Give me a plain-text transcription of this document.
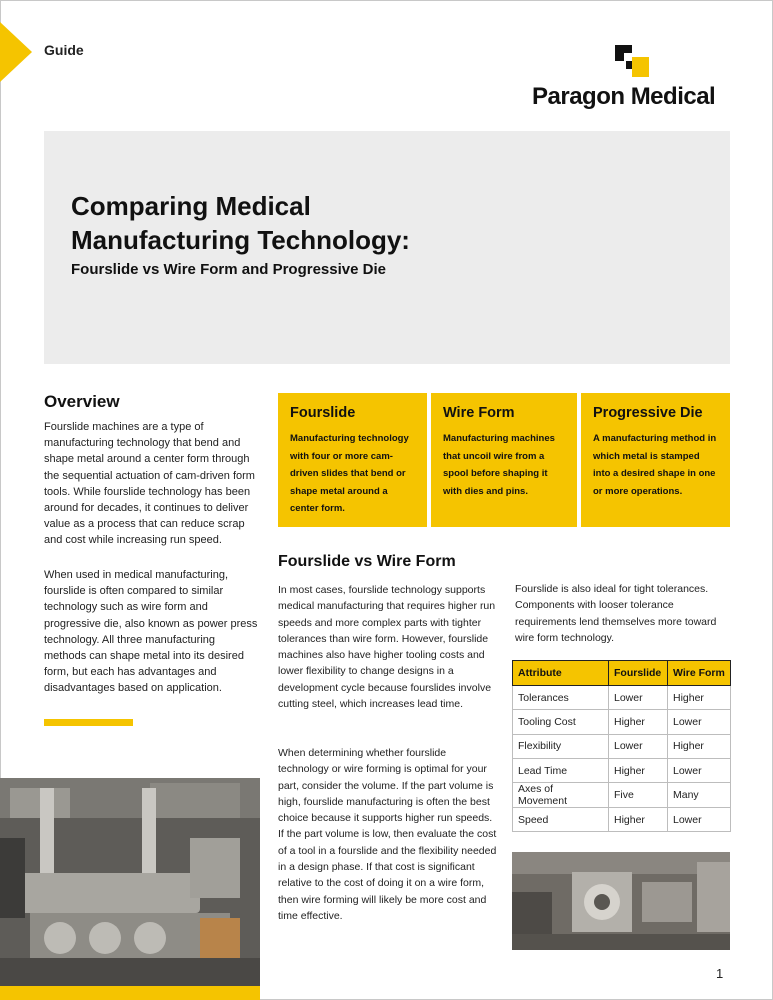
Guide
Paragon Medical
Comparing Medical Manufacturing Technology:
Fourslide vs Wire Form and Progressive Die
Overview

Fourslide machines are a type of manufacturing technology that bend and shape metal around a center form through the sequential actuation of cam-driven form tools. While fourslide technology has been around for decades, it continues to deliver value as a process that can reduce scrap and cost while increasing run speed.

When used in medical manufacturing, fourslide is often compared to similar technology such as wire form and progressive die, also known as power press technology. All three manufacturing methods can shape metal into its desired form, but each has advantages and disadvantages based on application.

Fourslide
Manufacturing technology with four or more cam-driven slides that bend or shape metal around a center form.
Wire Form
Manufacturing machines that uncoil wire from a spool before shaping it with dies and pins.
Progressive Die
A manufacturing method in which metal is stamped into a desired shape in one or more operations.
Fourslide vs Wire Form

In most cases, fourslide technology supports medical manufacturing that requires higher run speeds and more complex parts with tighter tolerances than wire form. However, fourslide machines also have higher tooling costs and lower flexibility to change designs in a development cycle because fourslides involve cutting steel, which increases lead time.

When determining whether fourslide technology or wire forming is optimal for your part, consider the volume. If the part volume is high, fourslide manufacturing is often the best choice because it supports higher run speeds. If the part volume is low, then evaluate the cost of a tool in a fourslide and the flexibility needed in a design phase. If that cost is significant relative to the cost of doing it on a wire form, then wire forming will likely be more cost and time effective.

Fourslide is also ideal for tight tolerances. Components with looser tolerance requirements lend themselves more toward wire form technology.

Attribute	Fourslide	Wire Form
Tolerances	Lower	Higher
Tooling Cost	Higher	Lower
Flexibility	Lower	Higher
Lead Time	Higher	Lower
Axes of Movement	Five	Many
Speed	Higher	Lower
1
